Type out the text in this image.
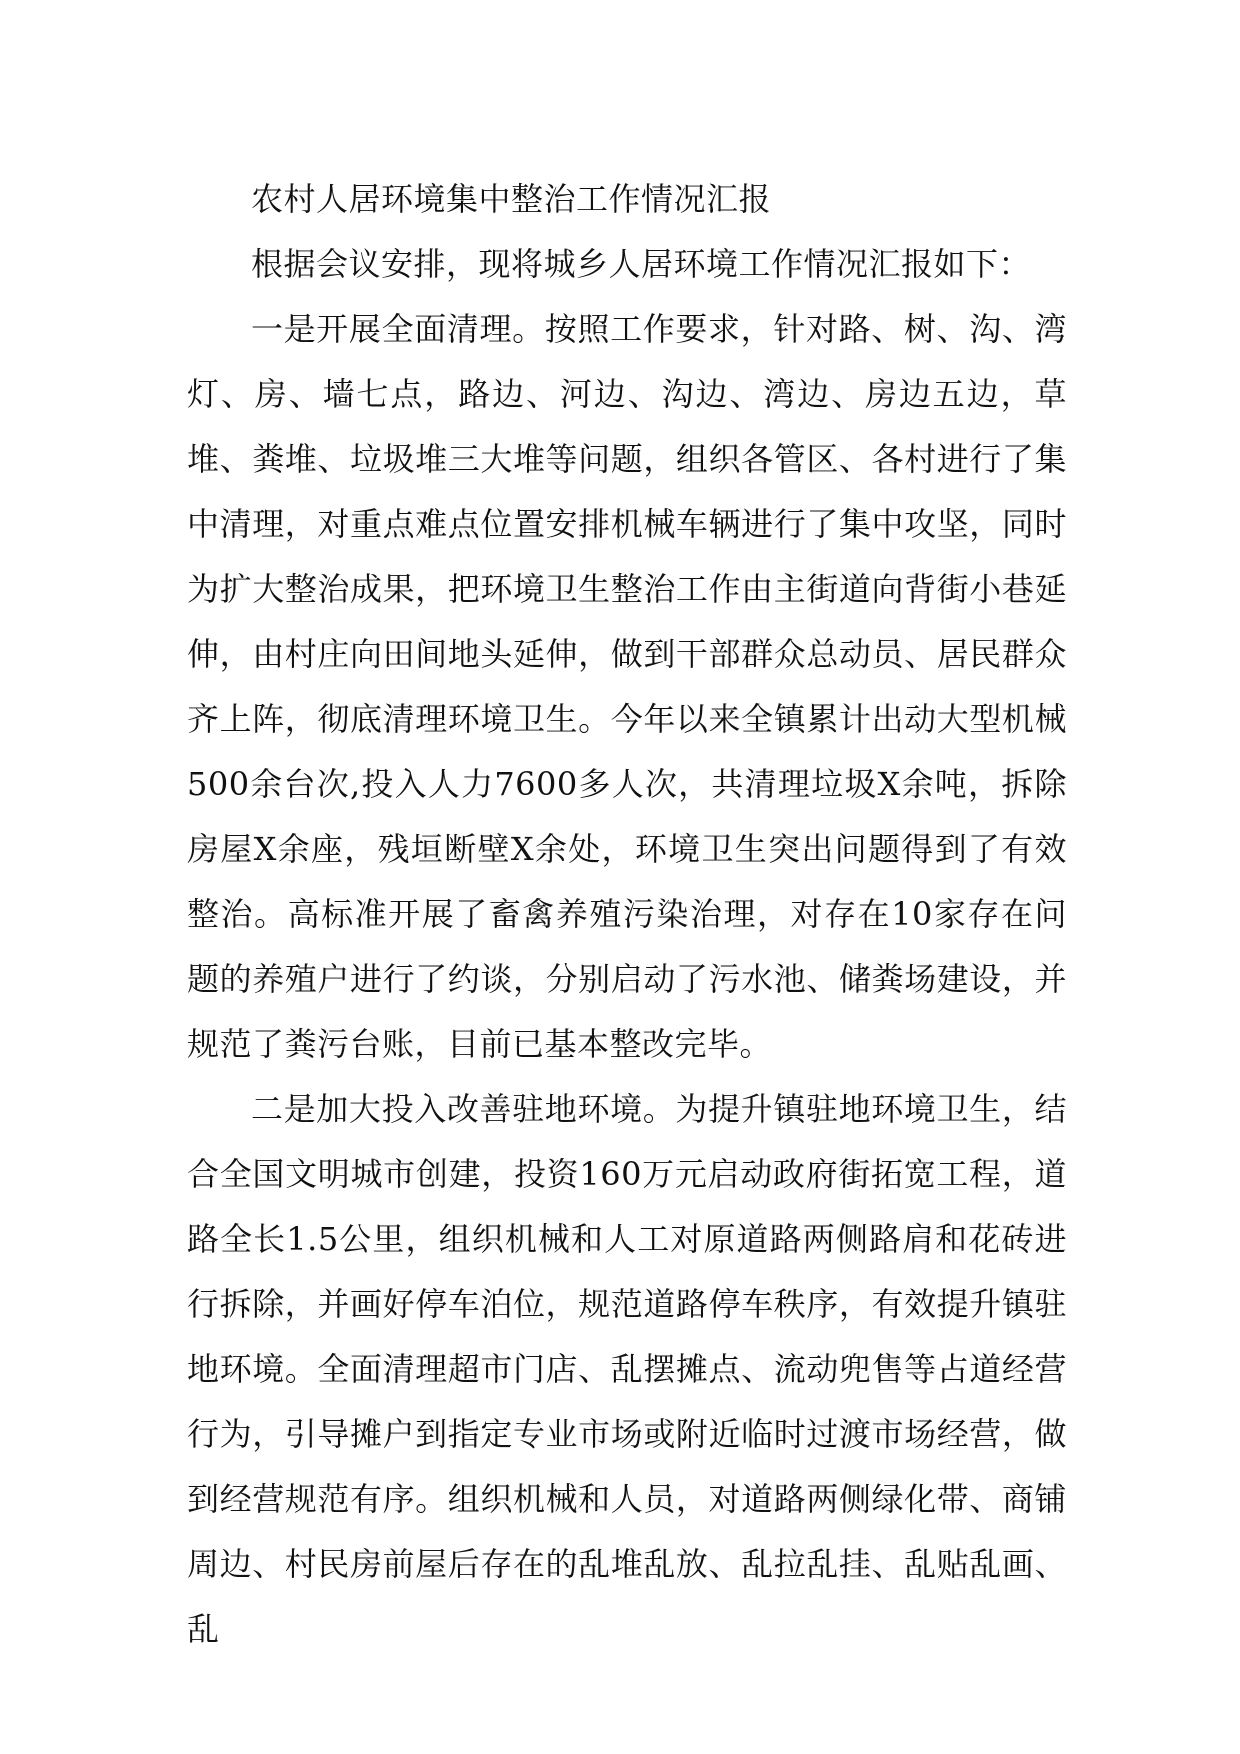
农村人居环境集中整治工作情况汇报

根据会议安排，现将城乡人居环境工作情况汇报如下：

一是开展全面清理。按照工作要求，针对路、树、沟、湾灯、房、墙七点，路边、河边、沟边、湾边、房边五边，草堆、粪堆、垃圾堆三大堆等问题，组织各管区、各村进行了集中清理，对重点难点位置安排机械车辆进行了集中攻坚，同时为扩大整治成果，把环境卫生整治工作由主街道向背街小巷延伸，由村庄向田间地头延伸，做到干部群众总动员、居民群众齐上阵，彻底清理环境卫生。今年以来全镇累计出动大型机械500余台次,投入人力7600多人次，共清理垃圾X余吨，拆除房屋X余座，残垣断壁X余处，环境卫生突出问题得到了有效整治。高标准开展了畜禽养殖污染治理，对存在10家存在问题的养殖户进行了约谈，分别启动了污水池、储粪场建设，并规范了粪污台账，目前已基本整改完毕。

二是加大投入改善驻地环境。为提升镇驻地环境卫生，结合全国文明城市创建，投资160万元启动政府街拓宽工程，道路全长1.5公里，组织机械和人工对原道路两侧路肩和花砖进行拆除，并画好停车泊位，规范道路停车秩序，有效提升镇驻地环境。全面清理超市门店、乱摆摊点、流动兜售等占道经营行为，引导摊户到指定专业市场或附近临时过渡市场经营，做到经营规范有序。组织机械和人员，对道路两侧绿化带、商铺周边、村民房前屋后存在的乱堆乱放、乱拉乱挂、乱贴乱画、乱
